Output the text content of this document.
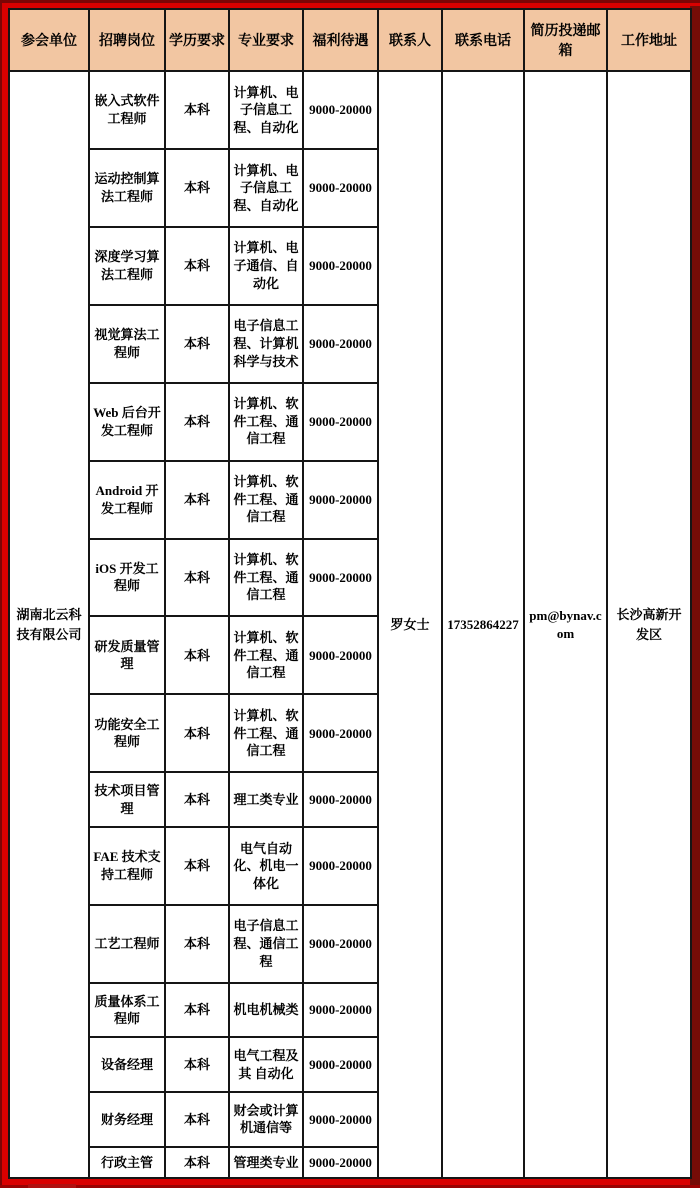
参会单位	招聘岗位	学历要求	专业要求	福利待遇	联系人	联系电话	简历投递邮箱	工作地址
湖南北云科技有限公司	嵌入式软件工程师	本科	计算机、电子信息工程、自动化	9000-20000	罗女士	17352864227	pm@bynav.com	长沙高新开发区
	运动控制算法工程师	本科	计算机、电子信息工程、自动化	9000-20000				
	深度学习算法工程师	本科	计算机、电子通信、自动化	9000-20000				
	视觉算法工程师	本科	电子信息工程、计算机科学与技术	9000-20000				
	Web 后台开发工程师	本科	计算机、软件工程、通信工程	9000-20000				
	Android 开发工程师	本科	计算机、软件工程、通信工程	9000-20000				
	iOS 开发工程师	本科	计算机、软件工程、通信工程	9000-20000				
	研发质量管理	本科	计算机、软件工程、通信工程	9000-20000				
	功能安全工程师	本科	计算机、软件工程、通信工程	9000-20000				
	技术项目管理	本科	理工类专业	9000-20000				
	FAE 技术支持工程师	本科	电气自动化、机电一体化	9000-20000				
	工艺工程师	本科	电子信息工程、通信工程	9000-20000				
	质量体系工程师	本科	机电机械类	9000-20000				
	设备经理	本科	电气工程及其 自动化	9000-20000				
	财务经理	本科	财会或计算机通信等	9000-20000				
	行政主管	本科	管理类专业	9000-20000				
